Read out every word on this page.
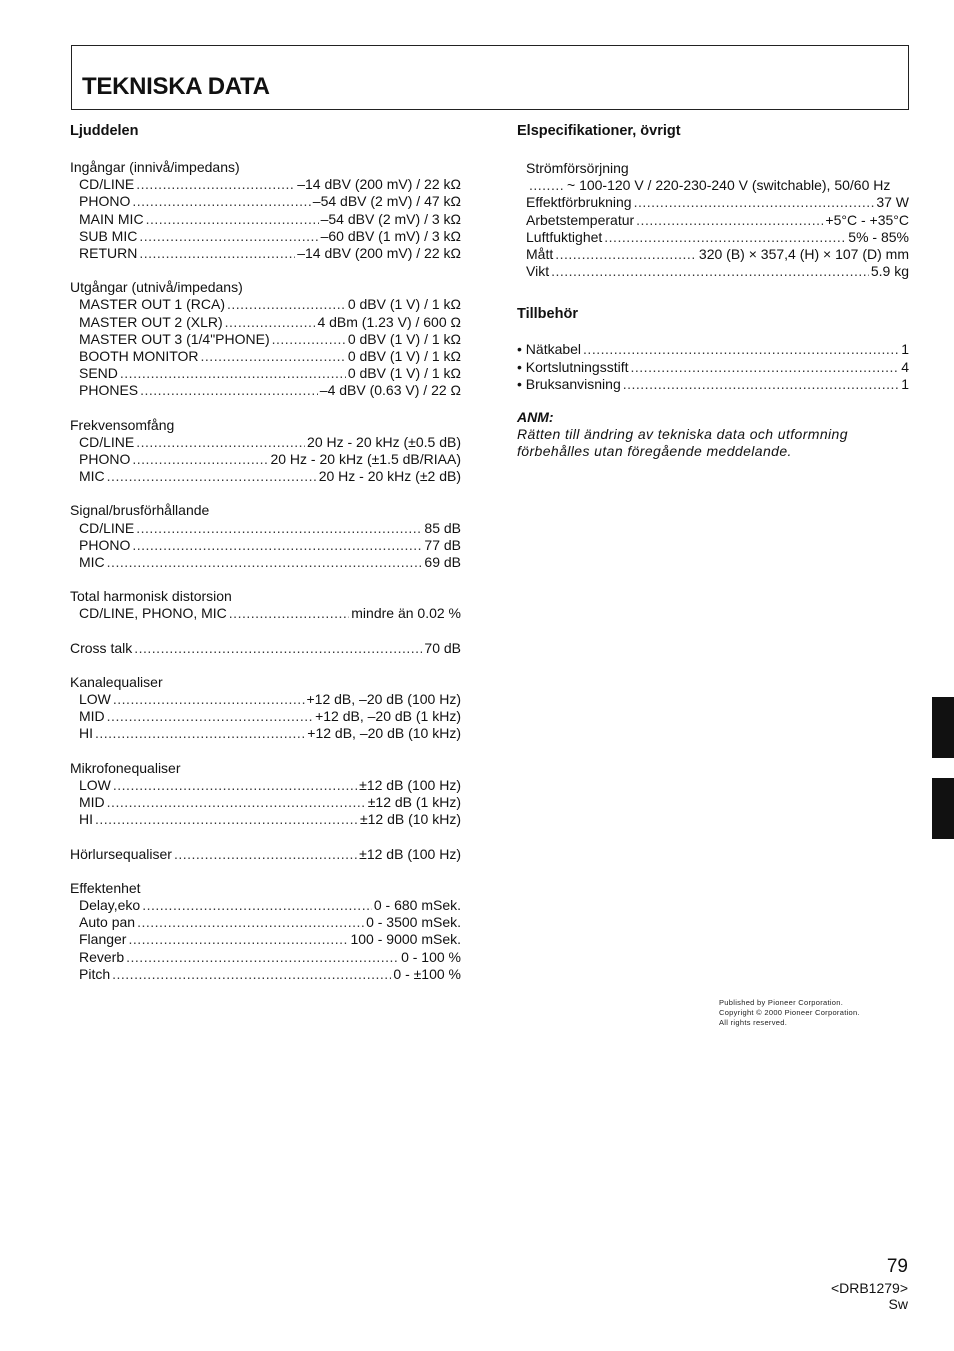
TEKNISKA DATA
Ljuddelen
Ingångar (innivå/impedans)
CD/LINE .....	–14 dBV (200 mV) / 22 kΩ
PHONO .....	–54 dBV (2 mV) / 47 kΩ
MAIN MIC .....	–54 dBV (2 mV) / 3 kΩ
SUB MIC .....	–60 dBV (1 mV) / 3 kΩ
RETURN .....	–14 dBV (200 mV) / 22 kΩ
Utgångar (utnivå/impedans)
MASTER OUT 1 (RCA) .....	0 dBV (1 V) / 1 kΩ
MASTER OUT 2 (XLR) .....	4 dBm (1.23 V) / 600 Ω
MASTER OUT 3 (1/4"PHONE) .....	0 dBV (1 V) / 1 kΩ
BOOTH MONITOR .....	0 dBV (1 V) / 1 kΩ
SEND .....	0 dBV (1 V) / 1 kΩ
PHONES .....	–4 dBV (0.63 V) / 22 Ω
Frekvensomfång
CD/LINE .....	20 Hz - 20 kHz (±0.5 dB)
PHONO .....	20 Hz - 20 kHz (±1.5 dB/RIAA)
MIC .....	20 Hz - 20 kHz (±2 dB)
Signal/brusförhållande
CD/LINE .....	85 dB
PHONO .....	77 dB
MIC .....	69 dB
Total harmonisk distorsion
CD/LINE, PHONO, MIC .....	mindre än 0.02 %
Cross talk .....	70 dB
Kanalequaliser
LOW .....	+12 dB, –20 dB (100 Hz)
MID .....	+12 dB, –20 dB (1 kHz)
HI .....	+12 dB, –20 dB (10 kHz)
Mikrofonequaliser
LOW .....	±12 dB (100 Hz)
MID .....	±12 dB (1 kHz)
HI .....	±12 dB (10 kHz)
Hörlursequaliser .....	±12 dB (100 Hz)
Effektenhet
Delay,eko .....	0 - 680 mSek.
Auto pan .....	0 - 3500 mSek.
Flanger .....	100 - 9000 mSek.
Reverb .....	0 - 100 %
Pitch .....	0 - ±100 %
Elspecifikationer, övrigt
Strömförsörjning
.....
~ 100-120 V / 220-230-240 V (switchable), 50/60 Hz
Effektförbrukning .....	37 W
Arbetstemperatur .....	+5°C - +35°C
Luftfuktighet .....	5% - 85%
Mått .....	320 (B) × 357,4 (H) × 107 (D) mm
Vikt .....	5.9 kg
Tillbehör
• Nätkabel .....	1
• Kortslutningsstift .....	4
• Bruksanvisning .....	1
ANM:
Rätten till ändring av tekniska data och utformning
förbehålles utan föregående meddelande.
Published by Pioneer Corporation.
Copyright © 2000 Pioneer Corporation.
All rights reserved.
79
<DRB1279>
Sw
